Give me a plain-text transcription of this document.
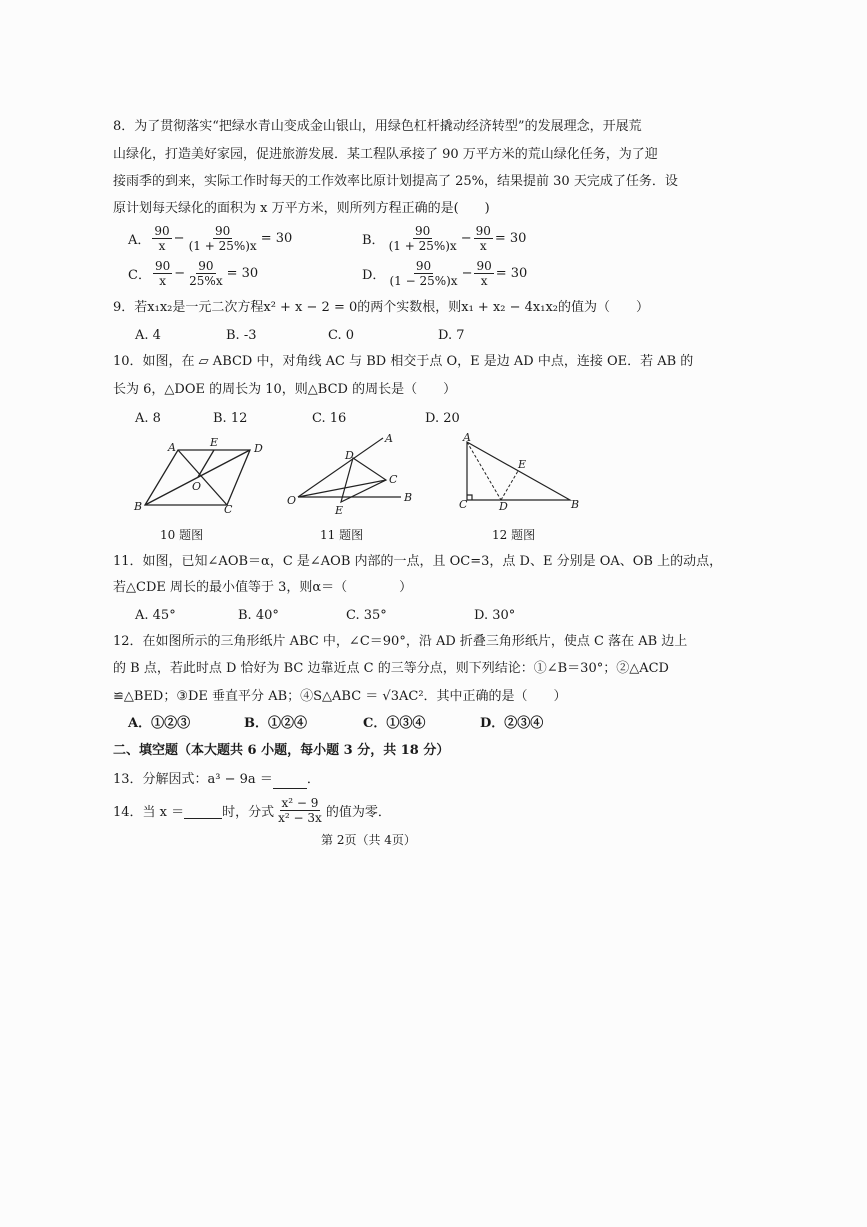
8．为了贯彻落实“把绿水青山变成金山银山，用绿色杠杆撬动经济转型”的发展理念，开展荒
山绿化，打造美好家园，促进旅游发展．某工程队承接了 90 万平方米的荒山绿化任务，为了迎
接雨季的到来，实际工作时每天的工作效率比原计划提高了 25%，结果提前 30 天完成了任务．设
原计划每天绿化的面积为 x 万平方米，则所列方程正确的是(　　)
A． $\frac{90}{x} - \frac{90}{(1 + 25\%)x} = 30$	B． $\frac{90}{(1 + 25\%)x} - \frac{90}{x} = 30$
C． $\frac{90}{x} - \frac{90}{25\%x} = 30$	D． $\frac{90}{(1 - 25\%)x} - \frac{90}{x} = 30$
9．若x₁x₂是一元二次方程x² + x − 2 = 0的两个实数根，则x₁ + x₂ − 4x₁x₂的值为（　　）
A. 4	B. -3	C. 0	D. 7
10．如图，在 ▱ ABCD 中，对角线 AC 与 BD 相交于点 O，E 是边 AD 中点，连接 OE．若 AB 的
长为 6，△DOE 的周长为 10，则△BCD 的周长是（　　）
A. 8	B. 12	C. 16	D. 20
A	E	D
O
B	C
10 题图
A
D
C
O
E
B
11 题图
A
E
C	D	B
12 题图
11．如图，已知∠AOB＝α，C 是∠AOB 内部的一点，且 OC=3，点 D、E 分别是 OA、OB 上的动点，
若△CDE 周长的最小值等于 3，则α＝（　　　　）
A. 45°	B. 40°	C. 35°	D. 30°
12．在如图所示的三角形纸片 ABC 中，∠C＝90°，沿 AD 折叠三角形纸片，使点 C 落在 AB 边上
的 B 点，若此时点 D 恰好为 BC 边靠近点 C 的三等分点，则下列结论：①∠B＝30°；②△ACD
≌△BED；③DE 垂直平分 AB；④S△ABC ＝ √3AC²．其中正确的是（　　）
A．①②③	B．①②④	C．①③④	D．②③④
二、填空题（本大题共 6 小题，每小题 3 分，共 18 分）
13．分解因式：a³ − 9a ＝	．
14．当 x ＝
	时，分式 $\frac{\text{x² − 9}}{\text{x² − 3x}}$ 的值为零．
第 2页（共 4页）
